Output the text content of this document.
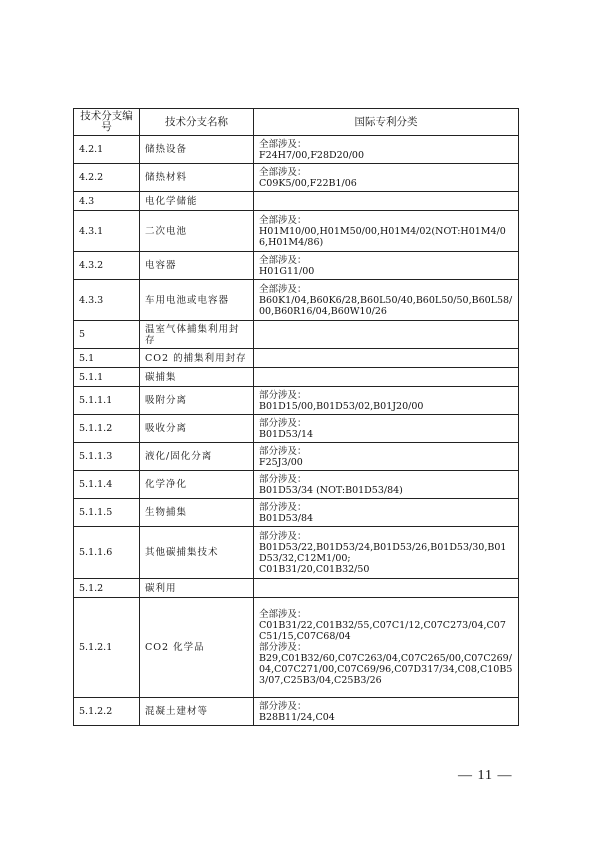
技术分支编号	技术分支名称	国际专利分类
4.2.1	储热设备	全部涉及：
F24H7/00,F28D20/00

4.2.2	储热材料	全部涉及：
C09K5/00,F22B1/06

4.3	电化学储能	
4.3.1	二次电池	全部涉及：
H01M10/00,H01M50/00,H01M4/02(NOT:H01M4/06,H01M4/86)

4.3.2	电容器	全部涉及：
H01G11/00

4.3.3	车用电池或电容器	全部涉及：
B60K1/04,B60K6/28,B60L50/40,B60L50/50,B60L58/00,B60R16/04,B60W10/26

5	温室气体捕集利用封存	
5.1	CO2 的捕集利用封存	
5.1.1	碳捕集	
5.1.1.1	吸附分离	部分涉及：
B01D15/00,B01D53/02,B01J20/00

5.1.1.2	吸收分离	部分涉及：
B01D53/14

5.1.1.3	液化/固化分离	部分涉及：
F25J3/00

5.1.1.4	化学净化	部分涉及：
B01D53/34 (NOT:B01D53/84)

5.1.1.5	生物捕集	部分涉及：
B01D53/84

5.1.1.6	其他碳捕集技术	部分涉及：
B01D53/22,B01D53/24,B01D53/26,B01D53/30,B01D53/32,C12M1/00;
C01B31/20,C01B32/50

5.1.2	碳利用	
5.1.2.1	CO2 化学品	全部涉及：
C01B31/22,C01B32/55,C07C1/12,C07C273/04,C07C51/15,C07C68/04
部分涉及：
B29,C01B32/60,C07C263/04,C07C265/00,C07C269/04,C07C271/00,C07C69/96,C07D317/34,C08,C10B53/07,C25B3/04,C25B3/26

5.1.2.2	混凝土建材等	部分涉及：
B28B11/24,C04
— 11 —
